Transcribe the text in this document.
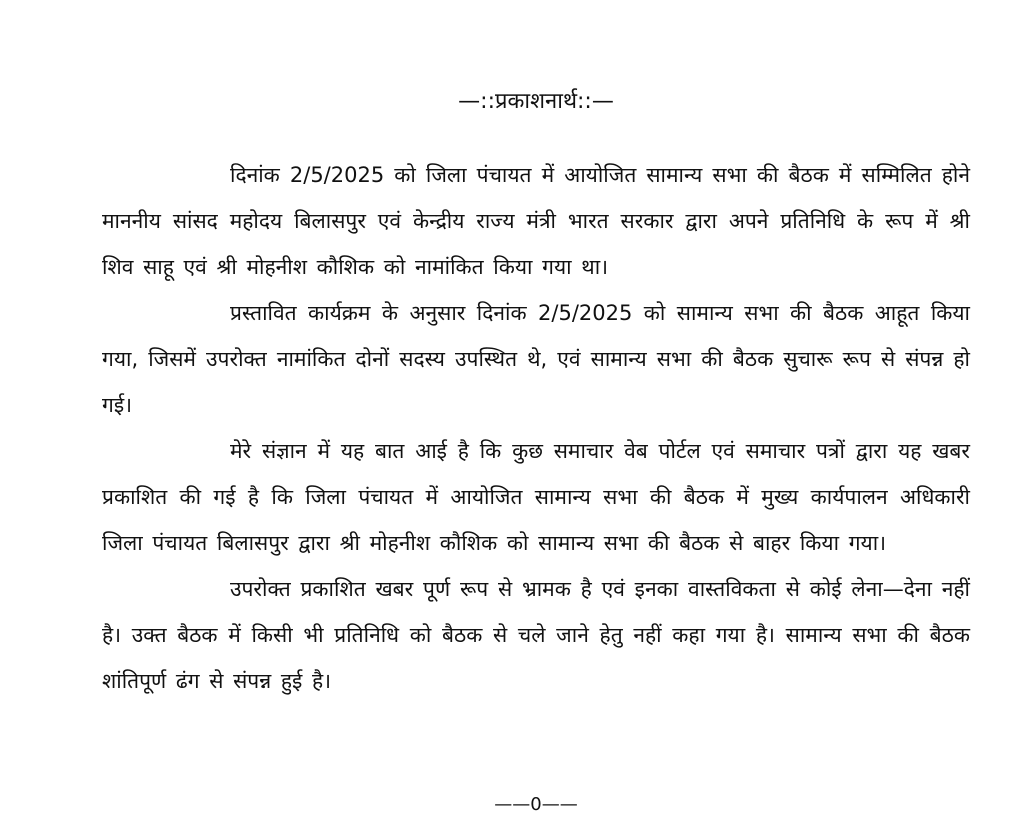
—::प्रकाशनार्थ::—

दिनांक 2/5/2025 को जिला पंचायत में आयोजित सामान्य सभा की बैठक में सम्मिलित होने माननीय सांसद महोदय बिलासपुर एवं केन्द्रीय राज्य मंत्री भारत सरकार द्वारा अपने प्रतिनिधि के रूप में श्री शिव साहू एवं श्री मोहनीश कौशिक को नामांकित किया गया था।

प्रस्तावित कार्यक्रम के अनुसार दिनांक 2/5/2025 को सामान्य सभा की बैठक आहूत किया गया, जिसमें उपरोक्त नामांकित दोनों सदस्य उपस्थित थे, एवं सामान्य सभा की बैठक सुचारू रूप से संपन्न हो गई।

मेरे संज्ञान में यह बात आई है कि कुछ समाचार वेब पोर्टल एवं समाचार पत्रों द्वारा यह खबर प्रकाशित की गई है कि जिला पंचायत में आयोजित सामान्य सभा की बैठक में मुख्य कार्यपालन अधिकारी जिला पंचायत बिलासपुर द्वारा श्री मोहनीश कौशिक को सामान्य सभा की बैठक से बाहर किया गया।

उपरोक्त प्रकाशित खबर पूर्ण रूप से भ्रामक है एवं इनका वास्तविकता से कोई लेना—देना नहीं है। उक्त बैठक में किसी भी प्रतिनिधि को बैठक से चले जाने हेतु नहीं कहा गया है। सामान्य सभा की बैठक शांतिपूर्ण ढंग से संपन्न हुई है।

——0——
